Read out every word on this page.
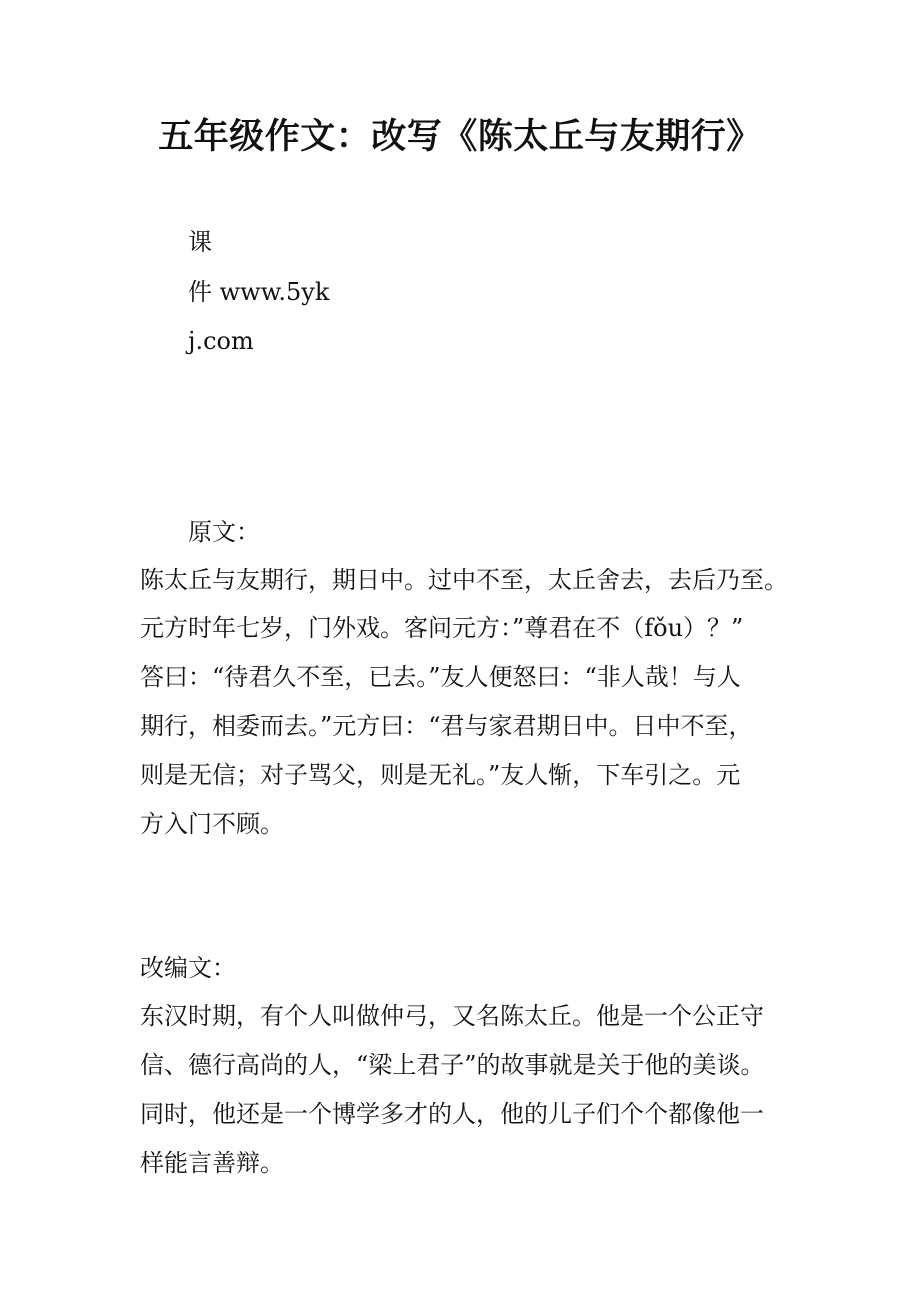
五年级作文：改写《陈太丘与友期行》

课

件 www.5yk

j.com

原文：

陈太丘与友期行，期日中。过中不至，太丘舍去，去后乃至。

元方时年七岁，门外戏。客问元方：”尊君在不（fǒu）？”

答曰：“待君久不至，已去。”友人便怒曰：“非人哉！与人

期行，相委而去。”元方曰：“君与家君期日中。日中不至，

则是无信；对子骂父，则是无礼。”友人惭，下车引之。元

方入门不顾。

改编文：

东汉时期，有个人叫做仲弓，又名陈太丘。他是一个公正守

信、德行高尚的人，“梁上君子”的故事就是关于他的美谈。

同时，他还是一个博学多才的人，他的儿子们个个都像他一

样能言善辩。
